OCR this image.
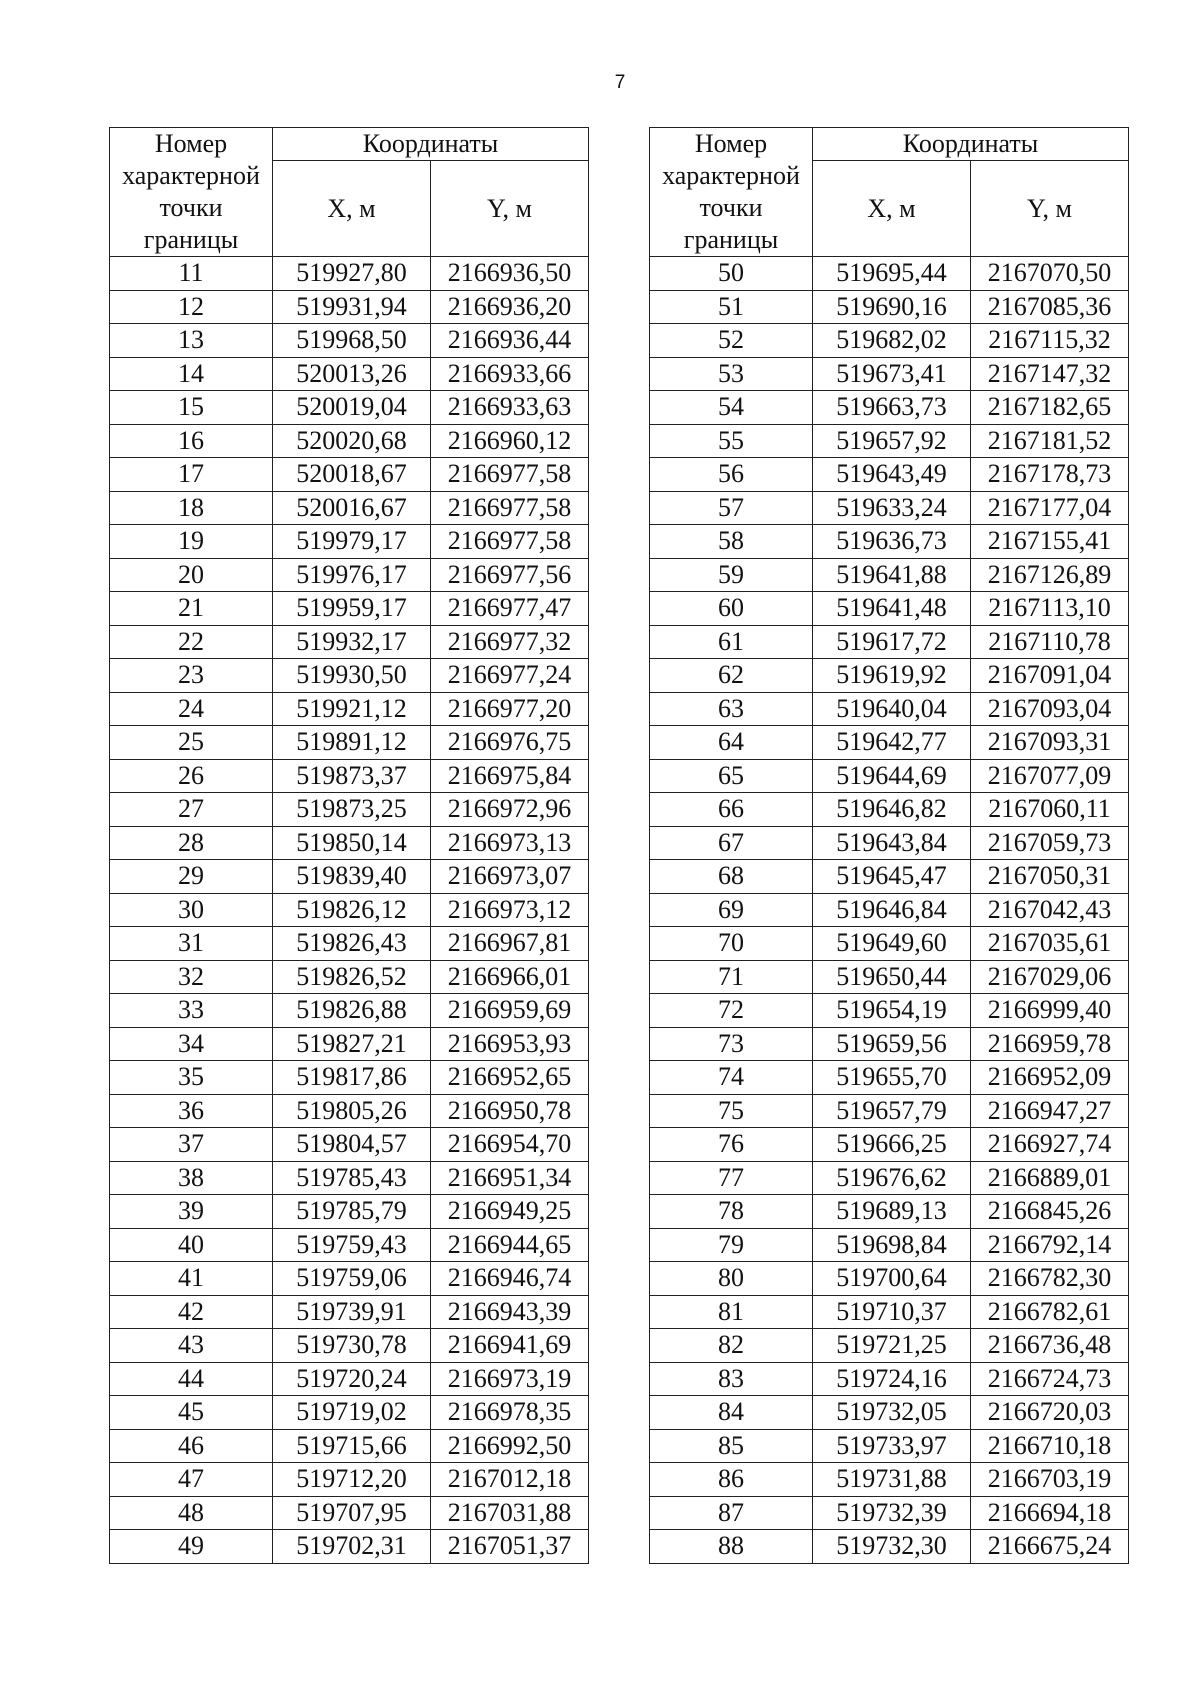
7
Номер характерной точки границы	Координаты	
	X, м	Y, м
11	519927,80	2166936,50
12	519931,94	2166936,20
13	519968,50	2166936,44
14	520013,26	2166933,66
15	520019,04	2166933,63
16	520020,68	2166960,12
17	520018,67	2166977,58
18	520016,67	2166977,58
19	519979,17	2166977,58
20	519976,17	2166977,56
21	519959,17	2166977,47
22	519932,17	2166977,32
23	519930,50	2166977,24
24	519921,12	2166977,20
25	519891,12	2166976,75
26	519873,37	2166975,84
27	519873,25	2166972,96
28	519850,14	2166973,13
29	519839,40	2166973,07
30	519826,12	2166973,12
31	519826,43	2166967,81
32	519826,52	2166966,01
33	519826,88	2166959,69
34	519827,21	2166953,93
35	519817,86	2166952,65
36	519805,26	2166950,78
37	519804,57	2166954,70
38	519785,43	2166951,34
39	519785,79	2166949,25
40	519759,43	2166944,65
41	519759,06	2166946,74
42	519739,91	2166943,39
43	519730,78	2166941,69
44	519720,24	2166973,19
45	519719,02	2166978,35
46	519715,66	2166992,50
47	519712,20	2167012,18
48	519707,95	2167031,88
49	519702,31	2167051,37
Номер характерной точки границы	Координаты	
	X, м	Y, м
50	519695,44	2167070,50
51	519690,16	2167085,36
52	519682,02	2167115,32
53	519673,41	2167147,32
54	519663,73	2167182,65
55	519657,92	2167181,52
56	519643,49	2167178,73
57	519633,24	2167177,04
58	519636,73	2167155,41
59	519641,88	2167126,89
60	519641,48	2167113,10
61	519617,72	2167110,78
62	519619,92	2167091,04
63	519640,04	2167093,04
64	519642,77	2167093,31
65	519644,69	2167077,09
66	519646,82	2167060,11
67	519643,84	2167059,73
68	519645,47	2167050,31
69	519646,84	2167042,43
70	519649,60	2167035,61
71	519650,44	2167029,06
72	519654,19	2166999,40
73	519659,56	2166959,78
74	519655,70	2166952,09
75	519657,79	2166947,27
76	519666,25	2166927,74
77	519676,62	2166889,01
78	519689,13	2166845,26
79	519698,84	2166792,14
80	519700,64	2166782,30
81	519710,37	2166782,61
82	519721,25	2166736,48
83	519724,16	2166724,73
84	519732,05	2166720,03
85	519733,97	2166710,18
86	519731,88	2166703,19
87	519732,39	2166694,18
88	519732,30	2166675,24
